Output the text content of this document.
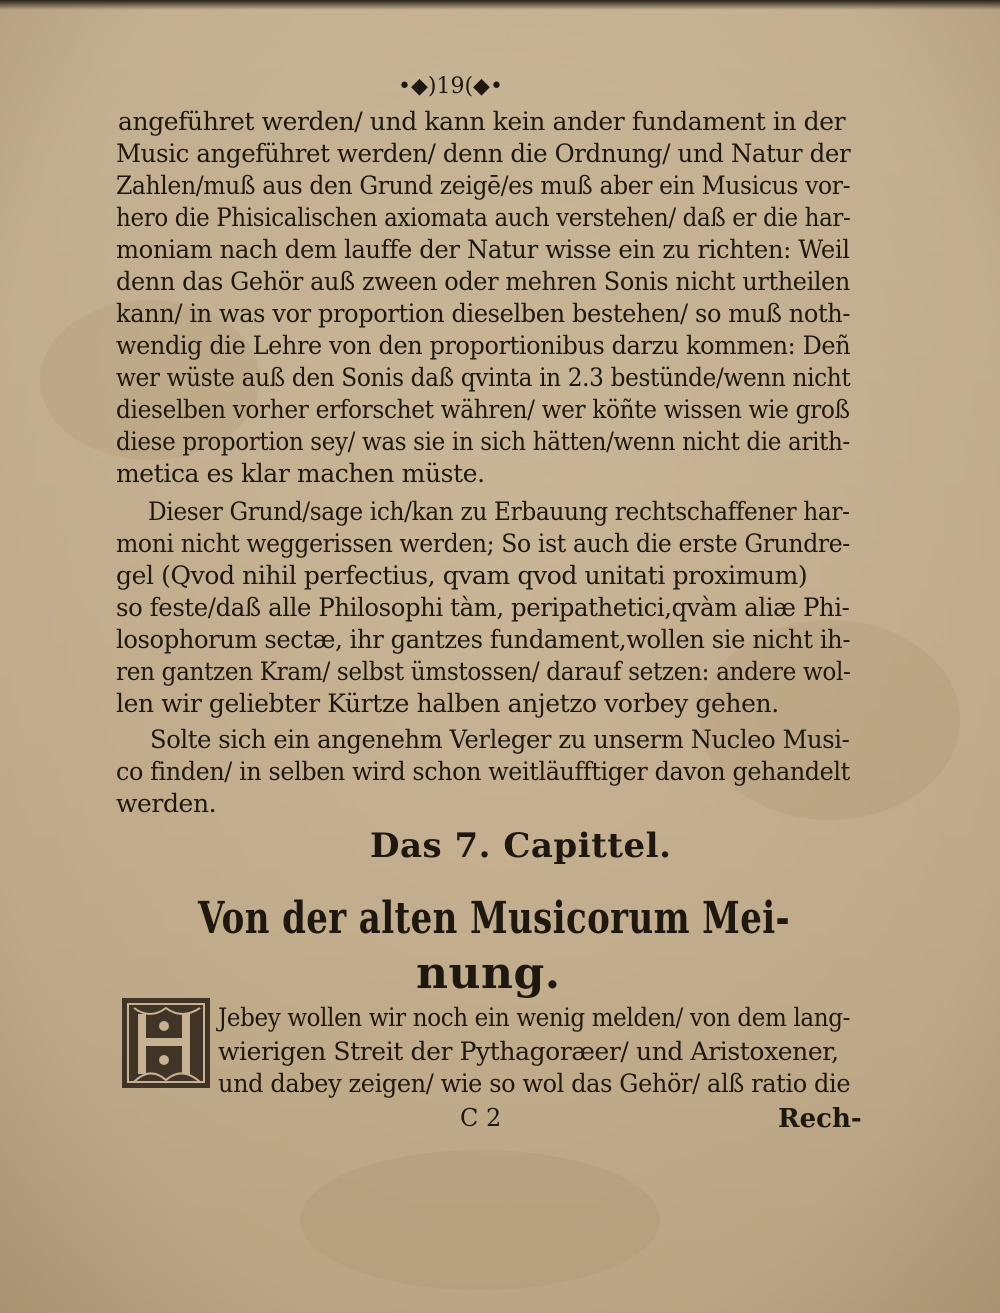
•◆)19(◆•
angeführet werden/ und kann kein ander fundament in der
Music angeführet werden/ denn die Ordnung/ und Natur der
Zahlen/muß aus den Grund zeigē/es muß aber ein Musicus vor-
hero die Phisicalischen axiomata auch verstehen/ daß er die har-
moniam nach dem lauffe der Natur wisse ein zu richten: Weil
denn das Gehör auß zween oder mehren Sonis nicht urtheilen
kann/ in was vor proportion dieselben bestehen/ so muß noth-
wendig die Lehre von den proportionibus darzu kommen: Deñ
wer wüste auß den Sonis daß qvinta in 2.3 bestünde/wenn nicht
dieselben vorher erforschet währen/ wer köñte wissen wie groß
diese proportion sey/ was sie in sich hätten/wenn nicht die arith-
metica es klar machen müste.
Dieser Grund/sage ich/kan zu Erbauung rechtschaffener har-
moni nicht weggerissen werden; So ist auch die erste Grundre-
gel (Qvod nihil perfectius, qvam qvod unitati proximum)
so feste/daß alle Philosophi tàm, peripathetici,qvàm aliæ Phi-
losophorum sectæ, ihr gantzes fundament,wollen sie nicht ih-
ren gantzen Kram/ selbst ümstossen/ darauf setzen: andere wol-
len wir geliebter Kürtze halben anjetzo vorbey gehen.
Solte sich ein angenehm Verleger zu unserm Nucleo Musi-
co finden/ in selben wird schon weitläufftiger davon gehandelt
werden.
Das 7. Capittel.
Von der alten Musicorum Mei-
nung.
Jebey wollen wir noch ein wenig melden/ von dem lang-
wierigen Streit der Pythagoræer/ und Aristoxener,
und dabey zeigen/ wie so wol das Gehör/ alß ratio die
C 2	Rech-
